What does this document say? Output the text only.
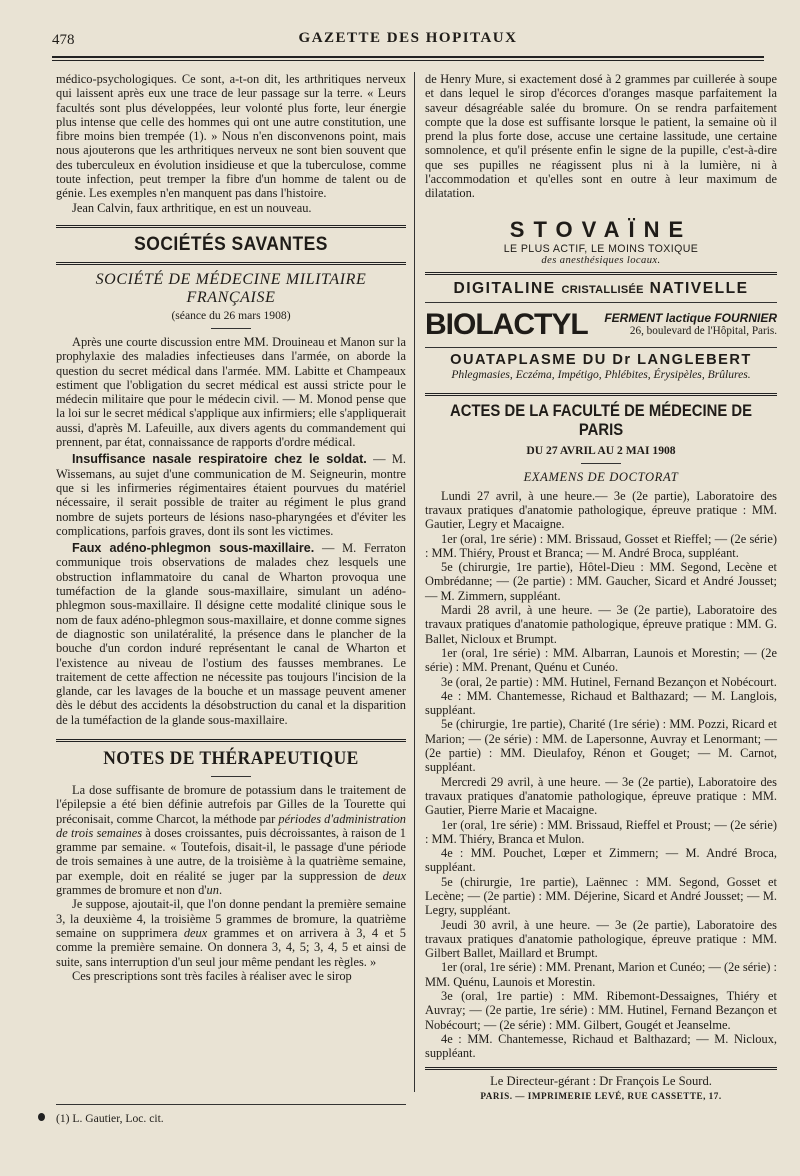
478	GAZETTE DES HOPITAUX

médico-psychologiques. Ce sont, a-t-on dit, les arthritiques nerveux qui laissent après eux une trace de leur passage sur la terre. « Leurs facultés sont plus développées, leur volonté plus forte, leur énergie plus intense que celle des hommes qui ont une autre constitution, une fibre moins bien trempée (1). » Nous n'en disconvenons point, mais nous ajouterons que les arthritiques nerveux ne sont bien souvent que des tuberculeux en évolution insidieuse et que la tuberculose, comme toute infection, peut tremper la fibre d'un homme de talent ou de génie. Les exemples n'en manquent pas dans l'histoire.

Jean Calvin, faux arthritique, en est un nouveau.

SOCIÉTÉS SAVANTES
SOCIÉTÉ DE MÉDECINE MILITAIRE FRANÇAISE
(séance du 26 mars 1908)

Après une courte discussion entre MM. Drouineau et Manon sur la prophylaxie des maladies infectieuses dans l'armée, on aborde la question du secret médical dans l'armée. MM. Labitte et Champeaux estiment que l'obligation du secret médical est aussi stricte pour le médecin militaire que pour le médecin civil. — M. Monod pense que la loi sur le secret médical s'applique aux infirmiers; elle s'appliquerait aussi, d'après M. Lafeuille, aux divers agents du commandement qui prennent, par état, connaissance de rapports d'ordre médical.

Insuffisance nasale respiratoire chez le soldat. — M. Wissemans, au sujet d'une communication de M. Seigneurin, montre que si les infirmeries régimentaires étaient pourvues du matériel nécessaire, il serait possible de traiter au régiment le plus grand nombre de sujets porteurs de lésions naso-pharyngées et d'éviter les complications, parfois graves, dont ils sont les victimes.

Faux adéno-phlegmon sous-maxillaire. — M. Ferraton communique trois observations de malades chez lesquels une obstruction inflammatoire du canal de Wharton provoqua une tuméfaction de la glande sous-maxillaire, simulant un adéno-phlegmon sous-maxillaire. Il désigne cette modalité clinique sous le nom de faux adéno-phlegmon sous-maxillaire, et donne comme signes de diagnostic son unilatéralité, la présence dans le plancher de la bouche d'un cordon induré représentant le canal de Wharton et l'existence au niveau de l'ostium des fausses membranes. Le traitement de cette affection ne nécessite pas toujours l'incision de la glande, car les lavages de la bouche et un massage peuvent amener dès le début des accidents la désobstruction du canal et la disparition de la tuméfaction de la glande sous-maxillaire.

NOTES DE THÉRAPEUTIQUE

La dose suffisante de bromure de potassium dans le traitement de l'épilepsie a été bien définie autrefois par Gilles de la Tourette qui préconisait, comme Charcot, la méthode par périodes d'administration de trois semaines à doses croissantes, puis décroissantes, à raison de 1 gramme par semaine. « Toutefois, disait-il, le passage d'une période de trois semaines à une autre, de la troisième à la quatrième semaine, par exemple, doit en réalité se juger par la suppression de deux grammes de bromure et non d'un.

Je suppose, ajoutait-il, que l'on donne pendant la première semaine 3, la deuxième 4, la troisième 5 grammes de bromure, la quatrième semaine on supprimera deux grammes et on arrivera à 3, 4 et 5 comme la première semaine. On donnera 3, 4, 5; 3, 4, 5 et ainsi de suite, sans interruption d'un seul jour même pendant les règles. »

Ces prescriptions sont très faciles à réaliser avec le sirop

(1) L. Gautier, Loc. cit.

de Henry Mure, si exactement dosé à 2 grammes par cuillerée à soupe et dans lequel le sirop d'écorces d'oranges masque parfaitement la saveur désagréable salée du bromure. On se rendra parfaitement compte que la dose est suffisante lorsque le patient, la semaine où il prend la plus forte dose, accuse une certaine lassitude, une certaine somnolence, et qu'il présente enfin le signe de la pupille, c'est-à-dire que ses pupilles ne réagissent plus ni à la lumière, ni à l'accommodation et qu'elles sont en outre à leur maximum de dilatation.

STOVAÏNE
LE PLUS ACTIF, LE MOINS TOXIQUE
des anesthésiques locaux.
DIGITALINE CRISTALLISÉE NATIVELLE
BIOLACTYL FERMENT lactique FOURNIER
26, boulevard de l'Hôpital, Paris.
OUATAPLASME DU Dr LANGLEBERT
Phlegmasies, Eczéma, Impétigo, Phlébites, Érysipèles, Brûlures.
ACTES DE LA FACULTÉ DE MÉDECINE DE PARIS
DU 27 AVRIL AU 2 MAI 1908
EXAMENS DE DOCTORAT

Lundi 27 avril, à une heure.— 3e (2e partie), Laboratoire des travaux pratiques d'anatomie pathologique, épreuve pratique : MM. Gautier, Legry et Macaigne.

1er (oral, 1re série) : MM. Brissaud, Gosset et Rieffel; — (2e série) : MM. Thiéry, Proust et Branca; — M. André Broca, suppléant.

5e (chirurgie, 1re partie), Hôtel-Dieu : MM. Segond, Lecène et Ombrédanne; — (2e partie) : MM. Gaucher, Sicard et André Jousset; — M. Zimmern, suppléant.

Mardi 28 avril, à une heure. — 3e (2e partie), Laboratoire des travaux pratiques d'anatomie pathologique, épreuve pratique : MM. G. Ballet, Nicloux et Brumpt.

1er (oral, 1re série) : MM. Albarran, Launois et Morestin; — (2e série) : MM. Prenant, Quénu et Cunéo.

3e (oral, 2e partie) : MM. Hutinel, Fernand Bezançon et Nobécourt.

4e : MM. Chantemesse, Richaud et Balthazard; — M. Langlois, suppléant.

5e (chirurgie, 1re partie), Charité (1re série) : MM. Pozzi, Ricard et Marion; — (2e série) : MM. de Lapersonne, Auvray et Lenormant; — (2e partie) : MM. Dieulafoy, Rénon et Gouget; — M. Carnot, suppléant.

Mercredi 29 avril, à une heure. — 3e (2e partie), Laboratoire des travaux pratiques d'anatomie pathologique, épreuve pratique : MM. Gautier, Pierre Marie et Macaigne.

1er (oral, 1re série) : MM. Brissaud, Rieffel et Proust; — (2e série) : MM. Thiéry, Branca et Mulon.

4e : MM. Pouchet, Lœper et Zimmern; — M. André Broca, suppléant.

5e (chirurgie, 1re partie), Laënnec : MM. Segond, Gosset et Lecène; — (2e partie) : MM. Déjerine, Sicard et André Jousset; — M. Legry, suppléant.

Jeudi 30 avril, à une heure. — 3e (2e partie), Laboratoire des travaux pratiques d'anatomie pathologique, épreuve pratique : MM. Gilbert Ballet, Maillard et Brumpt.

1er (oral, 1re série) : MM. Prenant, Marion et Cunéo; — (2e série) : MM. Quénu, Launois et Morestin.

3e (oral, 1re partie) : MM. Ribemont-Dessaignes, Thiéry et Auvray; — (2e partie, 1re série) : MM. Hutinel, Fernand Bezançon et Nobécourt; — (2e série) : MM. Gilbert, Gougét et Jeanselme.

4e : MM. Chantemesse, Richaud et Balthazard; — M. Nicloux, suppléant.

Le Directeur-gérant : Dr François Le Sourd.
PARIS. — IMPRIMERIE LEVÉ, RUE CASSETTE, 17.
